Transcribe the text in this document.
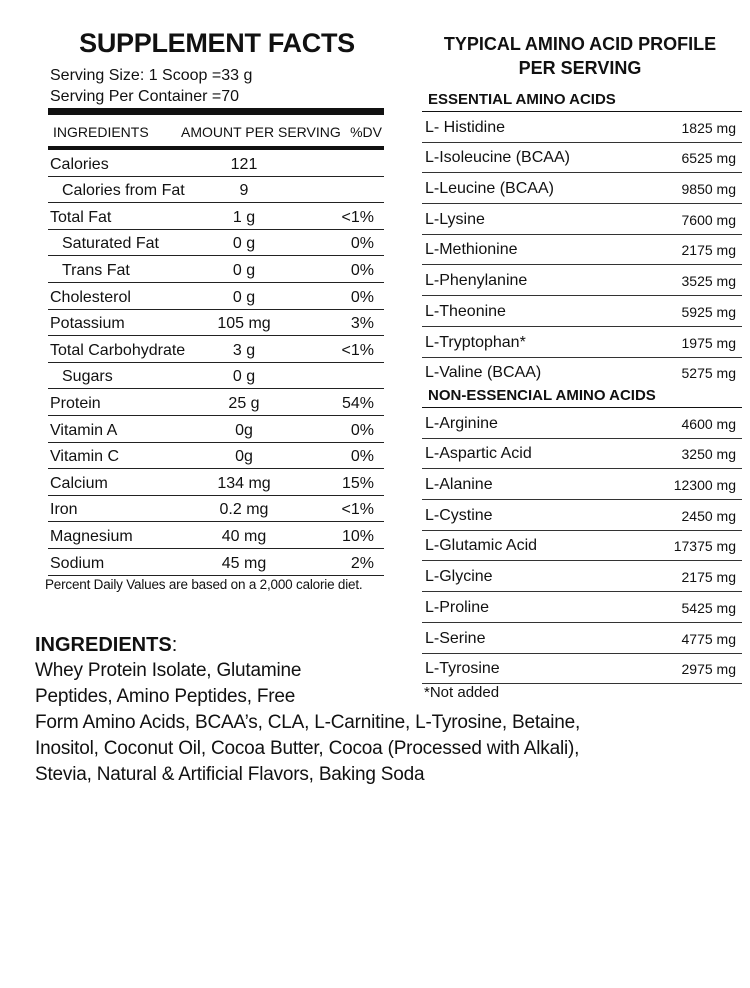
SUPPLEMENT FACTS
Serving Size: 1 Scoop =33 g
Serving Per Container =70
INGREDIENTS AMOUNT PER SERVING %DV
Calories	121
Calories from Fat	9
Total Fat	1 g	<1%
Saturated Fat	0 g	0%
Trans Fat	0 g	0%
Cholesterol	0 g	0%
Potassium	105 mg	3%
Total Carbohydrate	3 g	<1%
Sugars	0 g
Protein	25 g	54%
Vitamin A	0g	0%
Vitamin C	0g	0%
Calcium	134 mg	15%
Iron	0.2 mg	<1%
Magnesium	40 mg	10%
Sodium	45 mg	2%
Percent Daily Values are based on a 2,000 calorie diet.
INGREDIENTS:
Whey Protein Isolate, Glutamine
Peptides, Amino Peptides, Free
Form Amino Acids, BCAA’s, CLA, L-Carnitine, L-Tyrosine, Betaine,
Inositol, Coconut Oil, Cocoa Butter, Cocoa (Processed with Alkali),
Stevia, Natural & Artificial Flavors, Baking Soda
TYPICAL AMINO ACID PROFILE
PER SERVING
ESSENTIAL AMINO ACIDS
L- Histidine	1825 mg
L-Isoleucine (BCAA)	6525 mg
L-Leucine (BCAA)	9850 mg
L-Lysine	7600 mg
L-Methionine	2175 mg
L-Phenylanine	3525 mg
L-Theonine	5925 mg
L-Tryptophan*	1975 mg
L-Valine (BCAA)	5275 mg
NON-ESSENCIAL AMINO ACIDS
L-Arginine	4600 mg
L-Aspartic Acid	3250 mg
L-Alanine	12300 mg
L-Cystine	2450 mg
L-Glutamic Acid	17375 mg
L-Glycine	2175 mg
L-Proline	5425 mg
L-Serine	4775 mg
L-Tyrosine	2975 mg
*Not added
